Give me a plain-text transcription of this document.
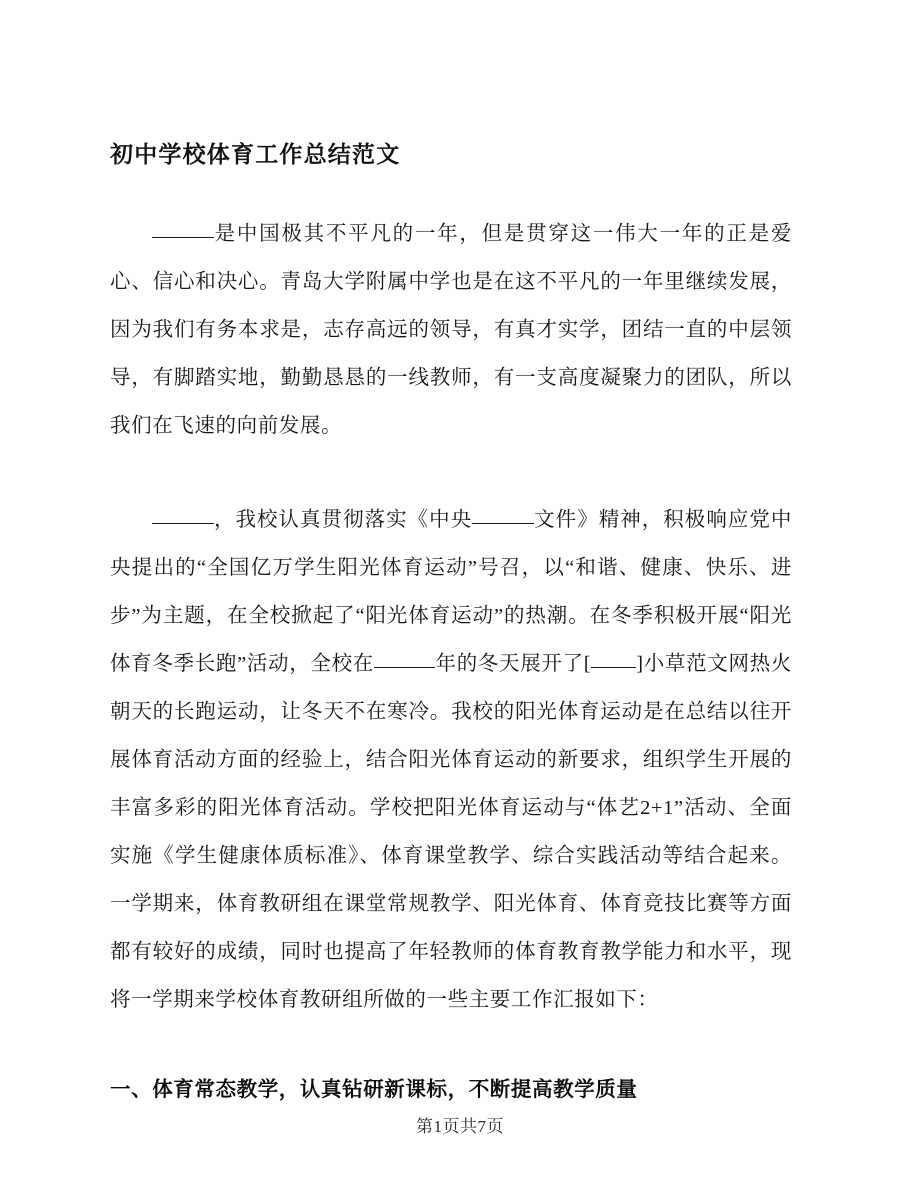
初中学校体育工作总结范文

是中国极其不平凡的一年，但是贯穿这一伟大一年的正是爱心、信心和决心。青岛大学附属中学也是在这不平凡的一年里继续发展，因为我们有务本求是，志存高远的领导，有真才实学，团结一直的中层领导，有脚踏实地，勤勤恳恳的一线教师，有一支高度凝聚力的团队，所以我们在飞速的向前发展。

，我校认真贯彻落实《中央	文件》精神，积极响应党中央提出的“全国亿万学生阳光体育运动”号召，以“和谐、健康、快乐、进步”为主题，在全校掀起了“阳光体育运动”的热潮。在冬季积极开展“阳光体育冬季长跑”活动，全校在	年的冬天展开了[ ]小草范文网热火朝天的长跑运动，让冬天不在寒冷。我校的阳光体育运动是在总结以往开展体育活动方面的经验上，结合阳光体育运动的新要求，组织学生开展的丰富多彩的阳光体育活动。学校把阳光体育运动与“体艺2+1”活动、全面实施《学生健康体质标准》、体育课堂教学、综合实践活动等结合起来。一学期来，体育教研组在课堂常规教学、阳光体育、体育竞技比赛等方面都有较好的成绩，同时也提高了年轻教师的体育教育教学能力和水平，现将一学期来学校体育教研组所做的一些主要工作汇报如下：

一、体育常态教学，认真钻研新课标，不断提高教学质量

第1页共7页
